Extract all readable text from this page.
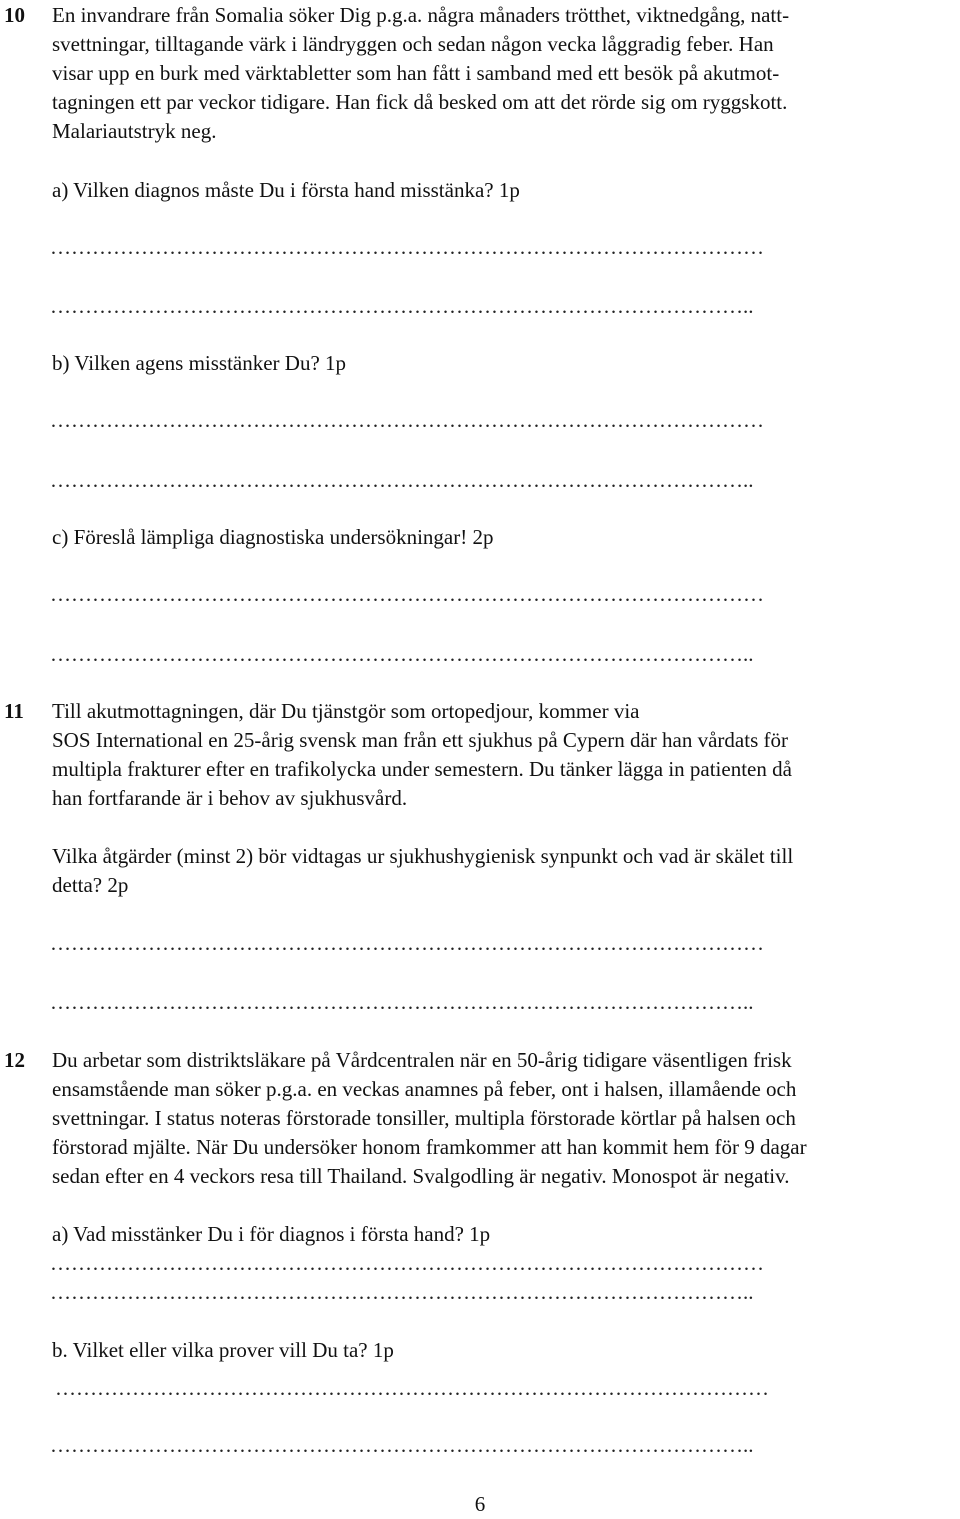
10 En invandrare från Somalia söker Dig p.g.a. några månaders trötthet, viktnedgång, natt-
svettningar, tilltagande värk i ländryggen och sedan någon vecka låggradig feber. Han
visar upp en burk med värktabletter som han fått i samband med ett besök på akutmot-
tagningen ett par veckor tidigare. Han fick då besked om att det rörde sig om ryggskott.
Malariautstryk neg.
a) Vilken diagnos måste Du i första hand misstänka? 1p
…………………………………………………………………………………………
………………………………………………………………………………………..
b) Vilken agens misstänker Du? 1p
…………………………………………………………………………………………
………………………………………………………………………………………..
c) Föreslå lämpliga diagnostiska undersökningar! 2p
…………………………………………………………………………………………
………………………………………………………………………………………..
11 Till akutmottagningen, där Du tjänstgör som ortopedjour, kommer via
SOS International en 25-årig svensk man från ett sjukhus på Cypern där han vårdats för
multipla frakturer efter en trafikolycka under semestern. Du tänker lägga in patienten då
han fortfarande är i behov av sjukhusvård.
Vilka åtgärder (minst 2) bör vidtagas ur sjukhushygienisk synpunkt och vad är skälet till
detta? 2p
…………………………………………………………………………………………
………………………………………………………………………………………..
12 Du arbetar som distriktsläkare på Vårdcentralen när en 50-årig tidigare väsentligen frisk
ensamstående man söker p.g.a. en veckas anamnes på feber, ont i halsen, illamående och
svettningar. I status noteras förstorade tonsiller, multipla förstorade körtlar på halsen och
förstorad mjälte. När Du undersöker honom framkommer att han kommit hem för 9 dagar
sedan efter en 4 veckors resa till Thailand. Svalgodling är negativ. Monospot är negativ.
a) Vad misstänker Du i för diagnos i första hand? 1p
…………………………………………………………………………………………
………………………………………………………………………………………..
b. Vilket eller vilka prover vill Du ta? 1p
…………………………………………………………………………………………
………………………………………………………………………………………..
6
